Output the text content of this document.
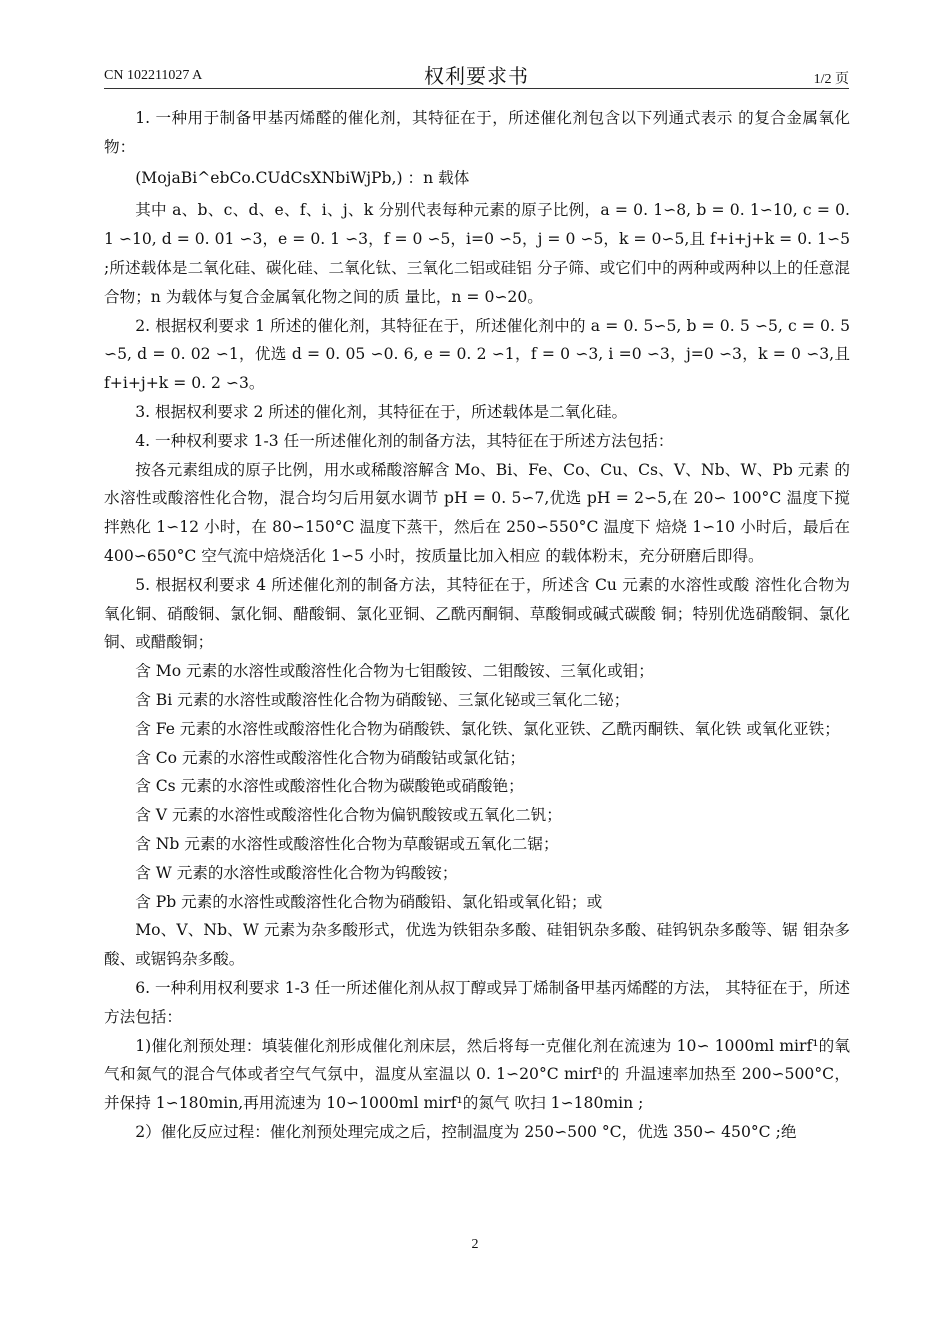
CN 102211027 A	权利要求书	1/2 页

1. 一种用于制备甲基丙烯醛的催化剂，其特征在于，所述催化剂包含以下列通式表示 的复合金属氧化物：

(MojaBi^ebCo.CUdCsXNbiWjPb,) ：n 载体

其中 a、b、c、d、e、f、i、j、k 分别代表每种元素的原子比例，a = 0. 1∽8, b = 0. 1∽10, c = 0. 1 ∽10, d = 0. 01 ∽3，e = 0. 1 ∽3，f = 0 ∽5，i=0 ∽5，j = 0 ∽5，k = 0∽5,且 f+i+j+k = 0. 1∽5 ;所述载体是二氧化硅、碳化硅、二氧化钛、三氧化二铝或硅铝 分子筛、或它们中的两种或两种以上的任意混合物；n 为载体与复合金属氧化物之间的质 量比，n = 0∽20。

2. 根据权利要求 1 所述的催化剂，其特征在于，所述催化剂中的 a = 0. 5∽5, b = 0. 5 ∽5, c = 0. 5 ∽5, d = 0. 02 ∽1，优选 d = 0. 05 ∽0. 6, e = 0. 2 ∽1，f = 0 ∽3, i =0 ∽3，j=0 ∽3，k = 0 ∽3,且 f+i+j+k = 0. 2 ∽3。

3. 根据权利要求 2 所述的催化剂，其特征在于，所述载体是二氧化硅。

4. 一种权利要求 1-3 任一所述催化剂的制备方法，其特征在于所述方法包括：

按各元素组成的原子比例，用水或稀酸溶解含 Mo、Bi、Fe、Co、Cu、Cs、V、Nb、W、Pb 元素 的水溶性或酸溶性化合物，混合均匀后用氨水调节 pH = 0. 5∽7,优选 pH = 2∽5,在 20∽ 100°C 温度下搅拌熟化 1∽12 小时，在 80∽150°C 温度下蒸干，然后在 250∽550°C 温度下 焙烧 1∽10 小时后，最后在 400∽650°C 空气流中焙烧活化 1∽5 小时，按质量比加入相应 的载体粉末，充分研磨后即得。

5. 根据权利要求 4 所述催化剂的制备方法，其特征在于，所述含 Cu 元素的水溶性或酸 溶性化合物为氧化铜、硝酸铜、氯化铜、醋酸铜、氯化亚铜、乙酰丙酮铜、草酸铜或碱式碳酸 铜；特别优选硝酸铜、氯化铜、或醋酸铜；

含 Mo 元素的水溶性或酸溶性化合物为七钼酸铵、二钼酸铵、三氧化或钼；

含 Bi 元素的水溶性或酸溶性化合物为硝酸铋、三氯化铋或三氧化二铋；

含 Fe 元素的水溶性或酸溶性化合物为硝酸铁、氯化铁、氯化亚铁、乙酰丙酮铁、氧化铁 或氧化亚铁；

含 Co 元素的水溶性或酸溶性化合物为硝酸钴或氯化钴；

含 Cs 元素的水溶性或酸溶性化合物为碳酸铯或硝酸铯；

含 V 元素的水溶性或酸溶性化合物为偏钒酸铵或五氧化二钒；

含 Nb 元素的水溶性或酸溶性化合物为草酸锯或五氧化二锯；

含 W 元素的水溶性或酸溶性化合物为钨酸铵；

含 Pb 元素的水溶性或酸溶性化合物为硝酸铅、氯化铅或氧化铅；或

Mo、V、Nb、W 元素为杂多酸形式，优选为铁钼杂多酸、硅钼钒杂多酸、硅钨钒杂多酸等、锯 钼杂多酸、或锯钨杂多酸。

6. 一种利用权利要求 1-3 任一所述催化剂从叔丁醇或异丁烯制备甲基丙烯醛的方法， 其特征在于，所述方法包括：

1)催化剂预处理：填装催化剂形成催化剂床层，然后将每一克催化剂在流速为 10∽ 1000ml mirf¹的氧气和氮气的混合气体或者空气气氛中，温度从室温以 0. 1∽20°C mirf¹的 升温速率加热至 200∽500°C，并保持 1∽180min,再用流速为 10∽1000ml mirf¹的氮气 吹扫 1∽180min ;

2）催化反应过程：催化剂预处理完成之后，控制温度为 250∽500 °C，优选 350∽ 450°C ;绝

2
